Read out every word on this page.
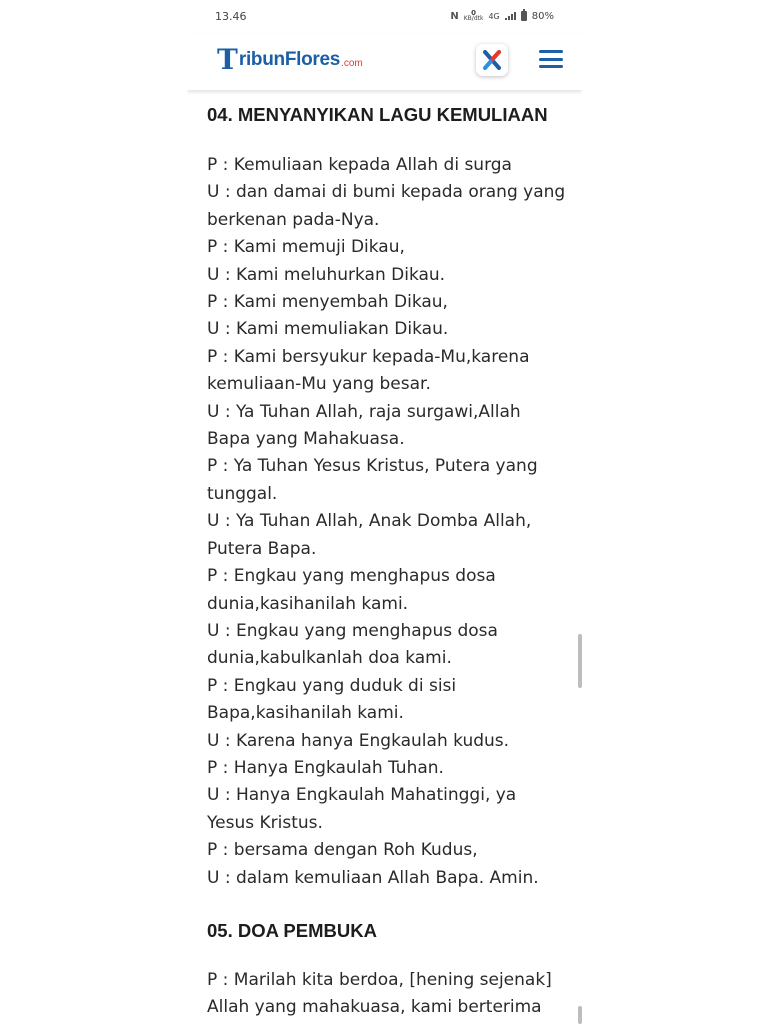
13.46	N	0
KB/dtk 4G	80%
T ribunFlores .com
04. MENYANYIKAN LAGU KEMULIAAN
P : Kemuliaan kepada Allah di surga
U : dan damai di bumi kepada orang yang
berkenan pada-Nya.
P : Kami memuji Dikau,
U : Kami meluhurkan Dikau.
P : Kami menyembah Dikau,
U : Kami memuliakan Dikau.
P : Kami bersyukur kepada-Mu,karena
kemuliaan-Mu yang besar.
U : Ya Tuhan Allah, raja surgawi,Allah
Bapa yang Mahakuasa.
P : Ya Tuhan Yesus Kristus, Putera yang
tunggal.
U : Ya Tuhan Allah, Anak Domba Allah,
Putera Bapa.
P : Engkau yang menghapus dosa
dunia,kasihanilah kami.
U : Engkau yang menghapus dosa
dunia,kabulkanlah doa kami.
P : Engkau yang duduk di sisi
Bapa,kasihanilah kami.
U : Karena hanya Engkaulah kudus.
P : Hanya Engkaulah Tuhan.
U : Hanya Engkaulah Mahatinggi, ya
Yesus Kristus.
P : bersama dengan Roh Kudus,
U : dalam kemuliaan Allah Bapa. Amin.
05. DOA PEMBUKA
P : Marilah kita berdoa, [hening sejenak]
Allah yang mahakuasa, kami berterima
